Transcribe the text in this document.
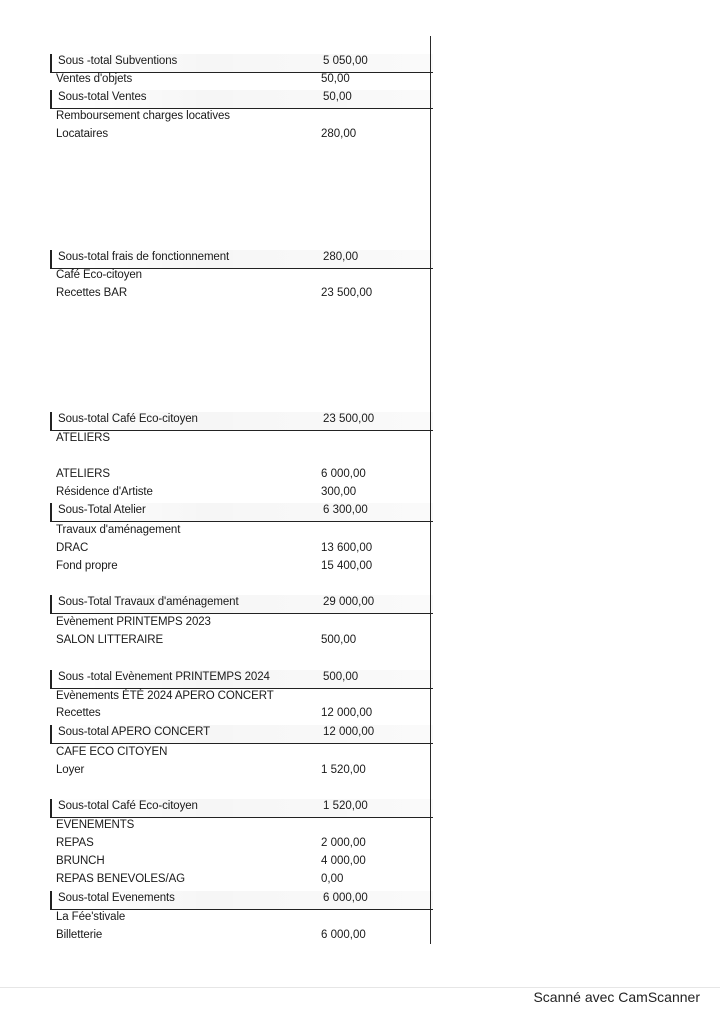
Sous -total Subventions	5 050,00
Ventes d'objets	50,00
Sous-total Ventes	50,00
Remboursement charges locatives
Locataires	280,00
Sous-total frais de fonctionnement	280,00
Café Eco-citoyen
Recettes BAR	23 500,00
Sous-total Café Eco-citoyen	23 500,00
ATELIERS
ATELIERS	6 000,00
Résidence d'Artiste	300,00
Sous-Total Atelier	6 300,00
Travaux d'aménagement
DRAC	13 600,00
Fond propre	15 400,00
Sous-Total Travaux d'aménagement	29 000,00
Evènement PRINTEMPS 2023
SALON LITTERAIRE	500,00
Sous -total Evènement PRINTEMPS 2024	500,00
Evènements ÉTÉ 2024 APERO CONCERT
Recettes	12 000,00
Sous-total APERO CONCERT	12 000,00
CAFE ECO CITOYEN
Loyer	1 520,00
Sous-total Café Eco-citoyen	1 520,00
EVENEMENTS
REPAS	2 000,00
BRUNCH	4 000,00
REPAS BENEVOLES/AG	0,00
Sous-total Evenements	6 000,00
La Fée'stivale
Billetterie	6 000,00
Scanné avec CamScanner
